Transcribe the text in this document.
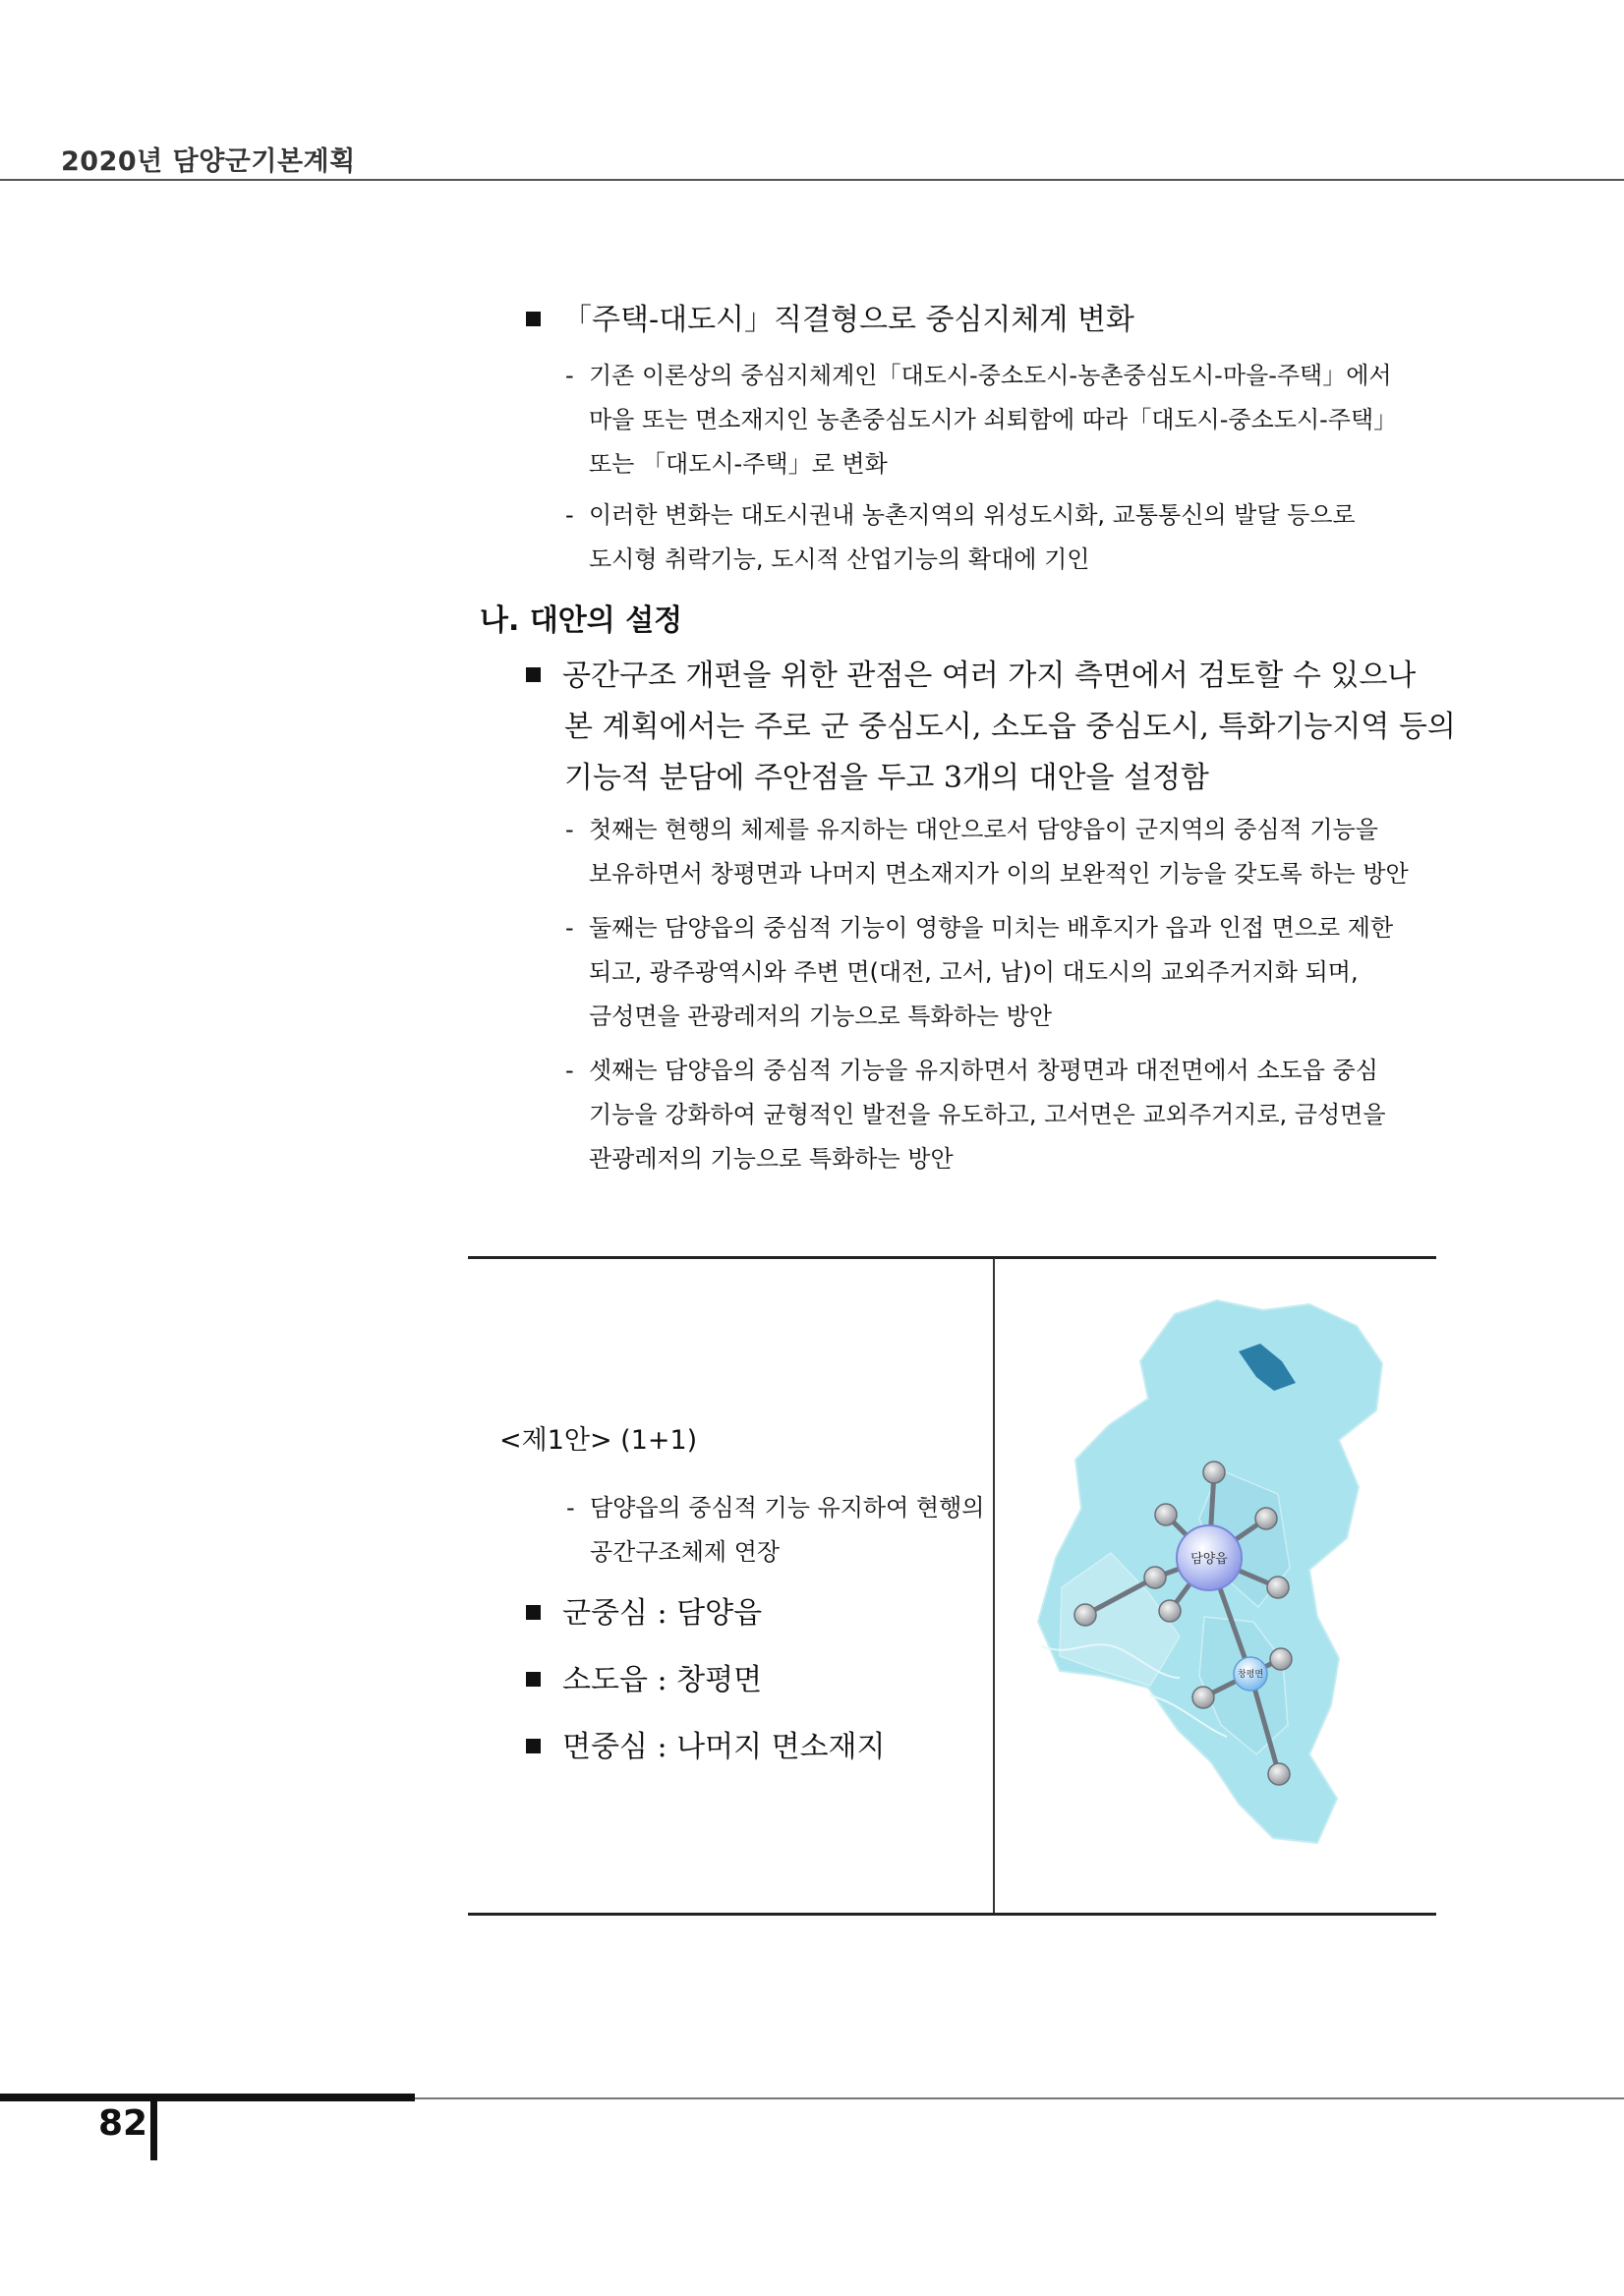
2020년 담양군기본계획
「주택-대도시」직결형으로 중심지체계 변화
- 기존 이론상의 중심지체계인「대도시-중소도시-농촌중심도시-마을-주택」에서
마을 또는 면소재지인 농촌중심도시가 쇠퇴함에 따라「대도시-중소도시-주택」
또는 「대도시-주택」로 변화
- 이러한 변화는 대도시권내 농촌지역의 위성도시화, 교통통신의 발달 등으로
도시형 취락기능, 도시적 산업기능의 확대에 기인
나. 대안의 설정
공간구조 개편을 위한 관점은 여러 가지 측면에서 검토할 수 있으나
본 계획에서는 주로 군 중심도시, 소도읍 중심도시, 특화기능지역 등의
기능적 분담에 주안점을 두고 3개의 대안을 설정함
- 첫째는 현행의 체제를 유지하는 대안으로서 담양읍이 군지역의 중심적 기능을
보유하면서 창평면과 나머지 면소재지가 이의 보완적인 기능을 갖도록 하는 방안
- 둘째는 담양읍의 중심적 기능이 영향을 미치는 배후지가 읍과 인접 면으로 제한
되고, 광주광역시와 주변 면(대전, 고서, 남)이 대도시의 교외주거지화 되며,
금성면을 관광레저의 기능으로 특화하는 방안
- 셋째는 담양읍의 중심적 기능을 유지하면서 창평면과 대전면에서 소도읍 중심
기능을 강화하여 균형적인 발전을 유도하고, 고서면은 교외주거지로, 금성면을
관광레저의 기능으로 특화하는 방안
<제1안> (1+1)
- 담양읍의 중심적 기능 유지하여 현행의
공간구조체제 연장
군중심 : 담양읍
소도읍 : 창평면
면중심 : 나머지 면소재지
담양읍
창평면
82
